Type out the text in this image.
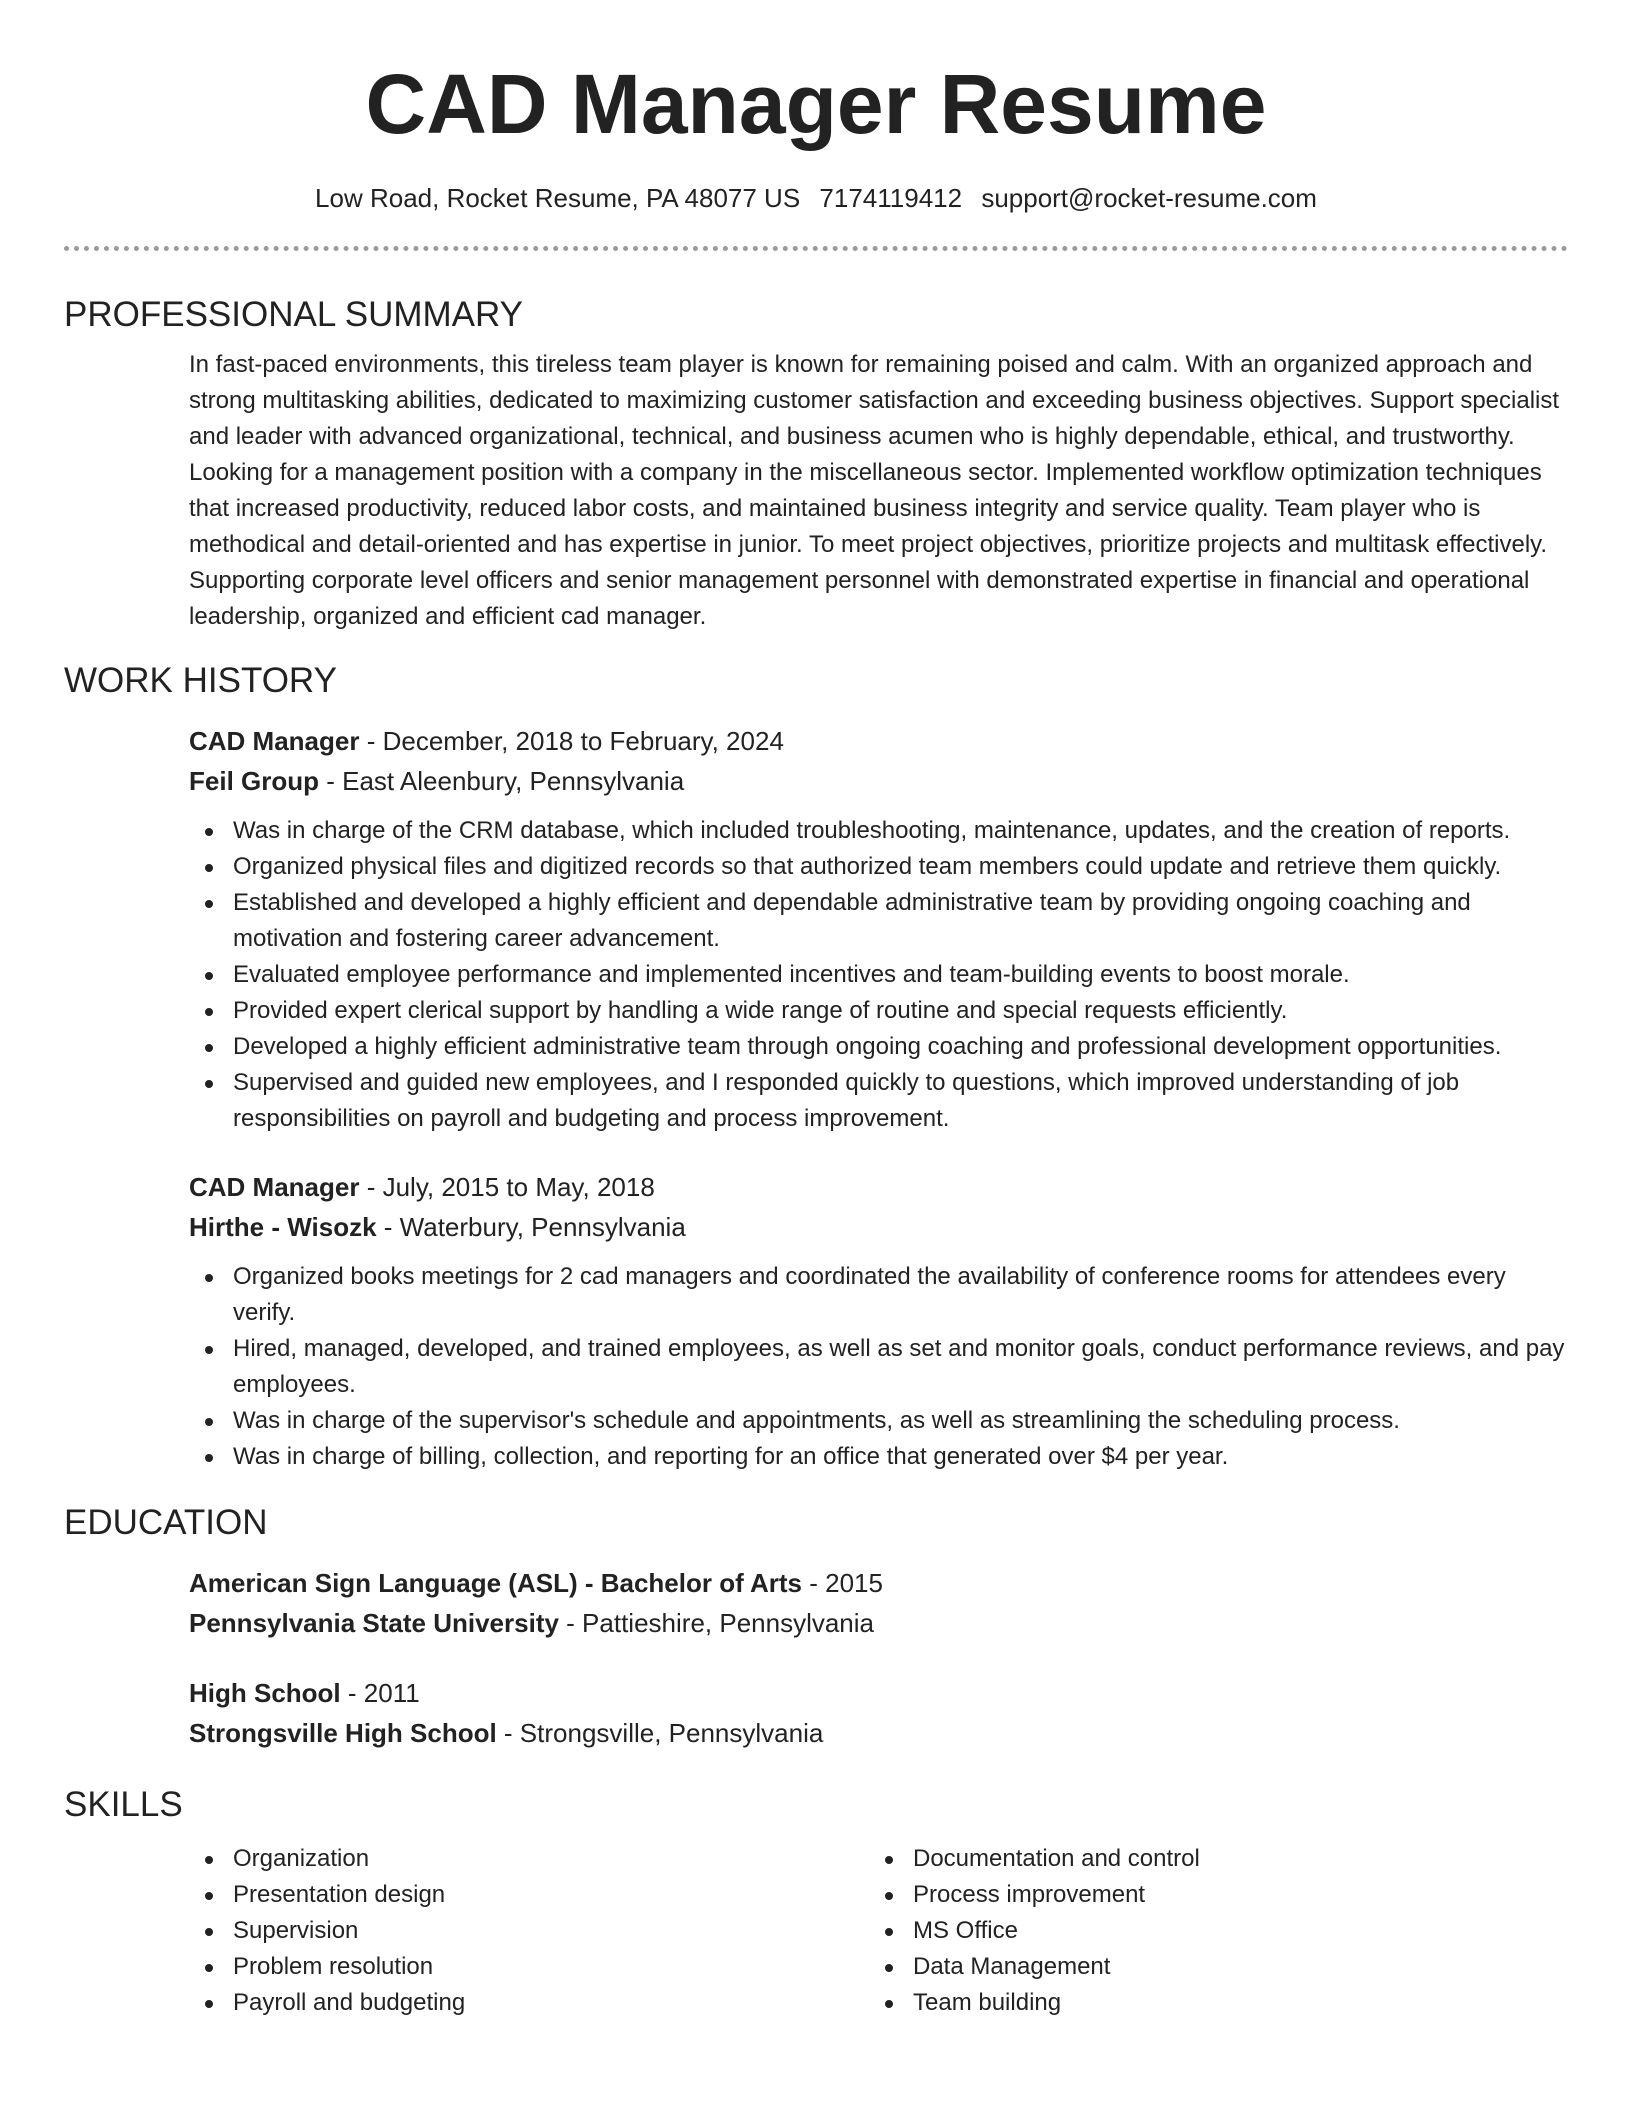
CAD Manager Resume
Low Road, Rocket Resume, PA 48077 US 7174119412 support@rocket-resume.com
PROFESSIONAL SUMMARY

In fast-paced environments, this tireless team player is known for remaining poised and calm. With an organized approach and strong multitasking abilities, dedicated to maximizing customer satisfaction and exceeding business objectives. Support specialist and leader with advanced organizational, technical, and business acumen who is highly dependable, ethical, and trustworthy. Looking for a management position with a company in the miscellaneous sector. Implemented workflow optimization techniques that increased productivity, reduced labor costs, and maintained business integrity and service quality. Team player who is methodical and detail-oriented and has expertise in junior. To meet project objectives, prioritize projects and multitask effectively. Supporting corporate level officers and senior management personnel with demonstrated expertise in financial and operational leadership, organized and efficient cad manager.

WORK HISTORY

CAD Manager - December, 2018 to February, 2024

Feil Group - East Aleenbury, Pennsylvania

Was in charge of the CRM database, which included troubleshooting, maintenance, updates, and the creation of reports.
Organized physical files and digitized records so that authorized team members could update and retrieve them quickly.
Established and developed a highly efficient and dependable administrative team by providing ongoing coaching and motivation and fostering career advancement.
Evaluated employee performance and implemented incentives and team-building events to boost morale.
Provided expert clerical support by handling a wide range of routine and special requests efficiently.
Developed a highly efficient administrative team through ongoing coaching and professional development opportunities.
Supervised and guided new employees, and I responded quickly to questions, which improved understanding of job responsibilities on payroll and budgeting and process improvement.

CAD Manager - July, 2015 to May, 2018

Hirthe - Wisozk - Waterbury, Pennsylvania

Organized books meetings for 2 cad managers and coordinated the availability of conference rooms for attendees every verify.
Hired, managed, developed, and trained employees, as well as set and monitor goals, conduct performance reviews, and pay employees.
Was in charge of the supervisor's schedule and appointments, as well as streamlining the scheduling process.
Was in charge of billing, collection, and reporting for an office that generated over $4 per year.
EDUCATION

American Sign Language (ASL) - Bachelor of Arts - 2015

Pennsylvania State University - Pattieshire, Pennsylvania

High School - 2011

Strongsville High School - Strongsville, Pennsylvania

SKILLS
Organization
Presentation design
Supervision
Problem resolution
Payroll and budgeting
Documentation and control
Process improvement
MS Office
Data Management
Team building
